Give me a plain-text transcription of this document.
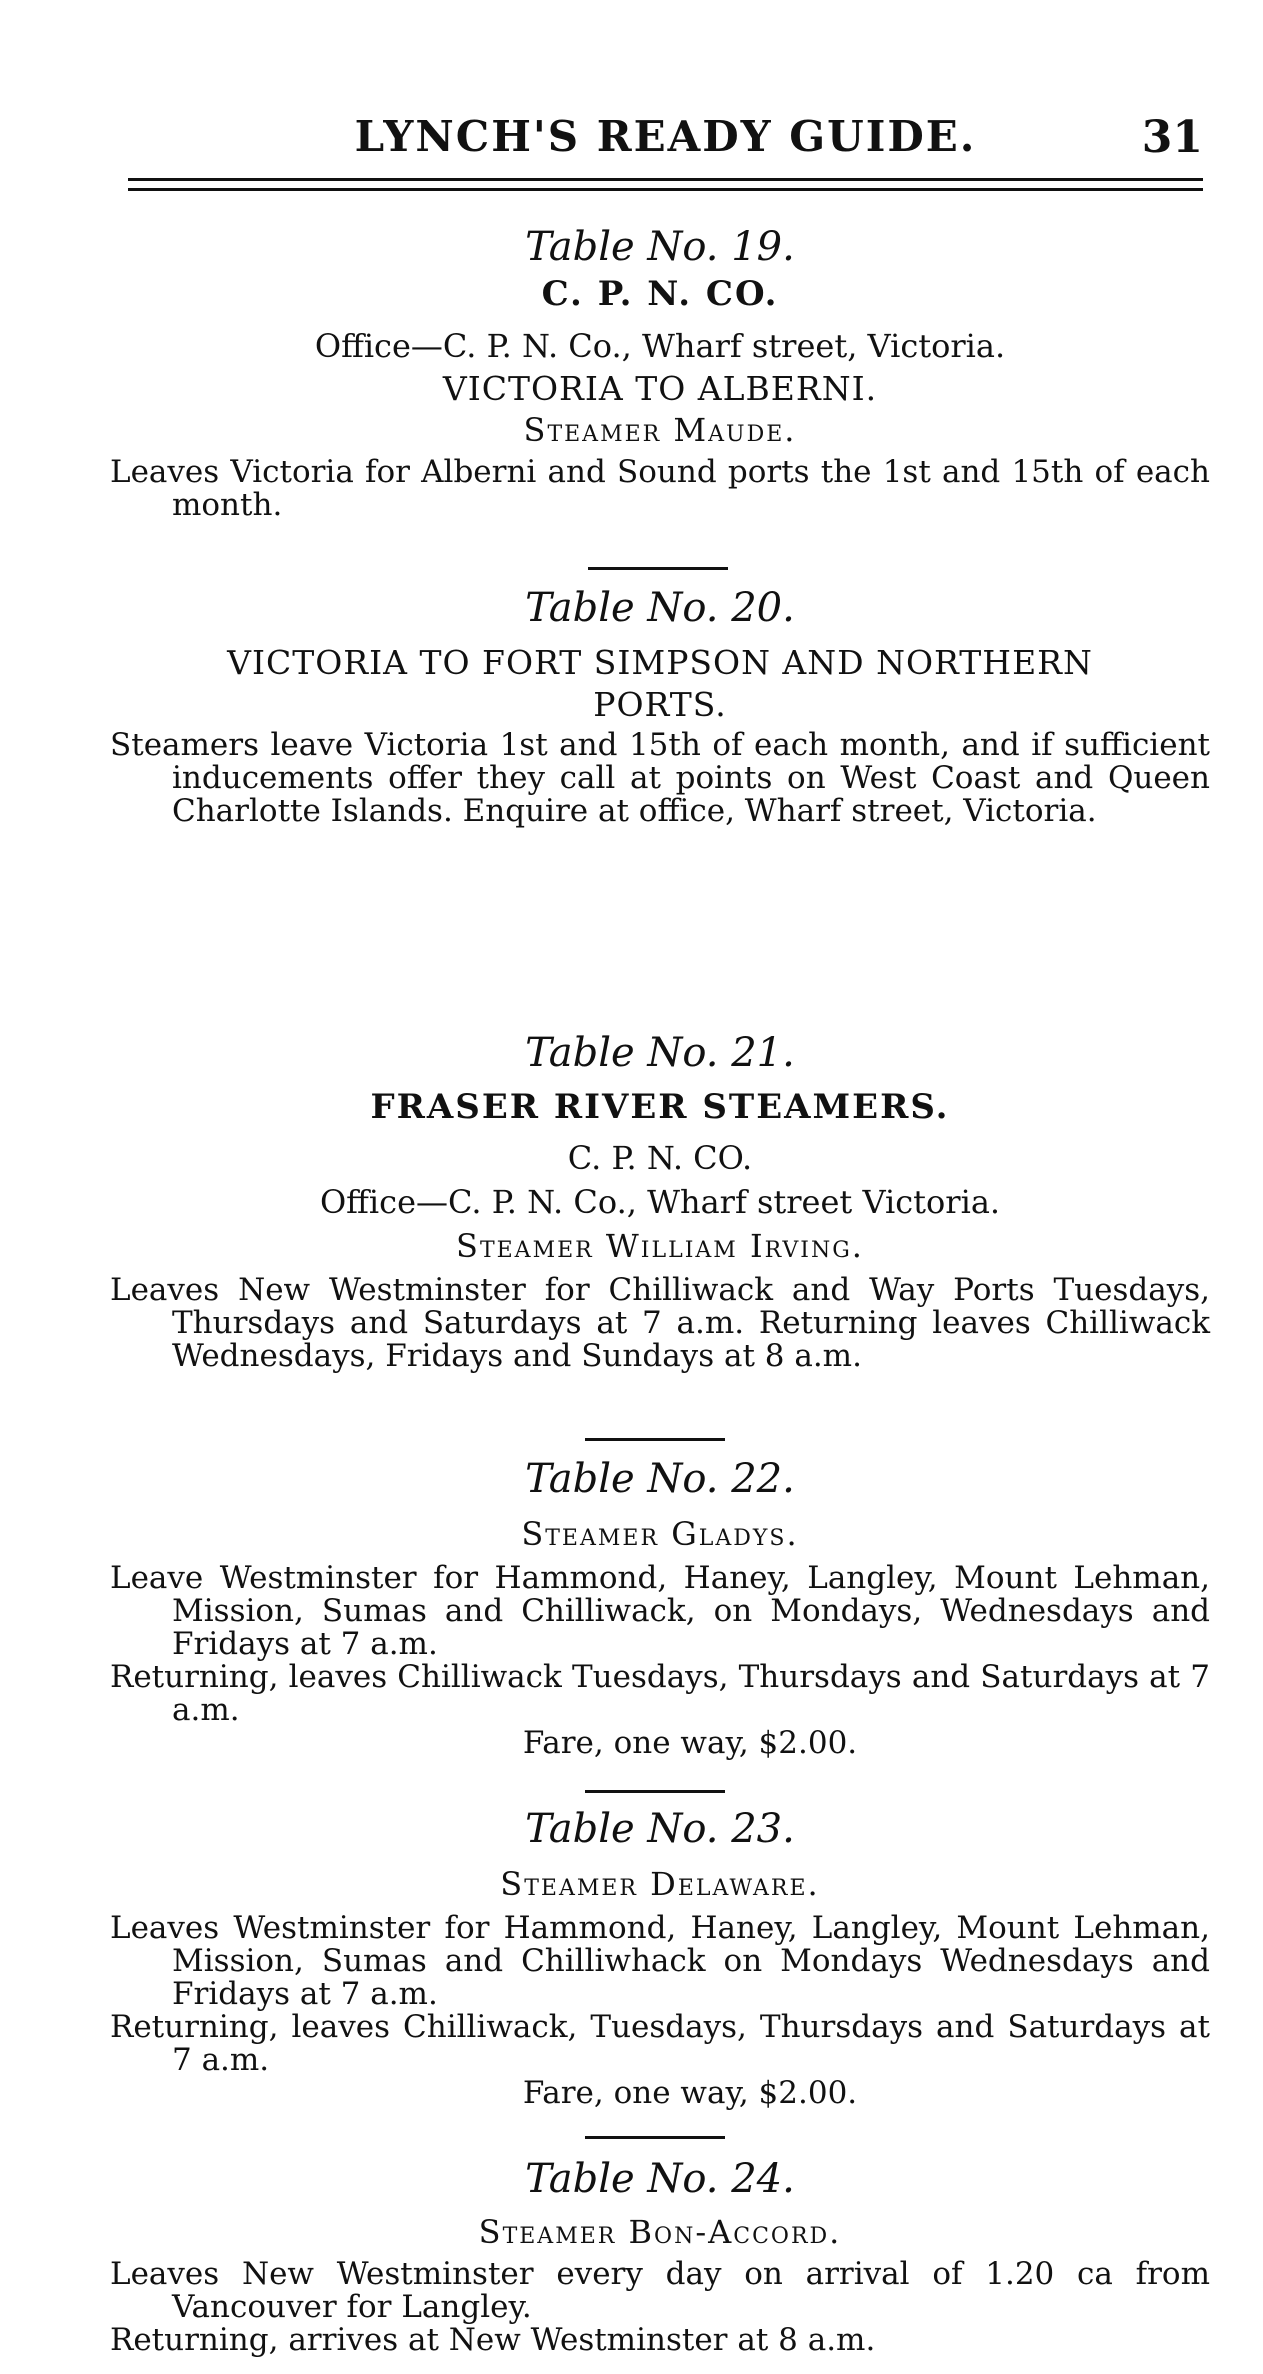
LYNCH'S READY GUIDE.	31
Table No. 19.
C. P. N. CO.
Office—C. P. N. Co., Wharf street, Victoria.
VICTORIA TO ALBERNI.
Steamer Maude.
Leaves Victoria for Alberni and Sound ports the 1st and 15th of each month.
Table No. 20.
VICTORIA TO FORT SIMPSON AND NORTHERN
PORTS.
Steamers leave Victoria 1st and 15th of each month, and if sufficient inducements offer they call at points on West Coast and Queen Charlotte Islands. Enquire at office, Wharf street, Victoria.
Table No. 21.
FRASER RIVER STEAMERS.
C. P. N. CO.
Office—C. P. N. Co., Wharf street Victoria.
Steamer William Irving.
Leaves New Westminster for Chilliwack and Way Ports Tuesdays, Thursdays and Saturdays at 7 a.m. Returning leaves Chilliwack Wednesdays, Fridays and Sundays at 8 a.m.
Table No. 22.
Steamer Gladys.
Leave Westminster for Hammond, Haney, Langley, Mount Lehman, Mission, Sumas and Chilliwack, on Mondays, Wednesdays and Fridays at 7 a.m.
Returning, leaves Chilliwack Tuesdays, Thursdays and Saturdays at 7 a.m.
Fare, one way, $2.00.
Table No. 23.
Steamer Delaware.
Leaves Westminster for Hammond, Haney, Langley, Mount Lehman, Mission, Sumas and Chilliwhack on Mondays Wednesdays and Fridays at 7 a.m.
Returning, leaves Chilliwack, Tuesdays, Thursdays and Saturdays at 7 a.m.
Fare, one way, $2.00.
Table No. 24.
Steamer Bon-Accord.
Leaves New Westminster every day on arrival of 1.20 ca from Vancouver for Langley.
Returning, arrives at New Westminster at 8 a.m.
